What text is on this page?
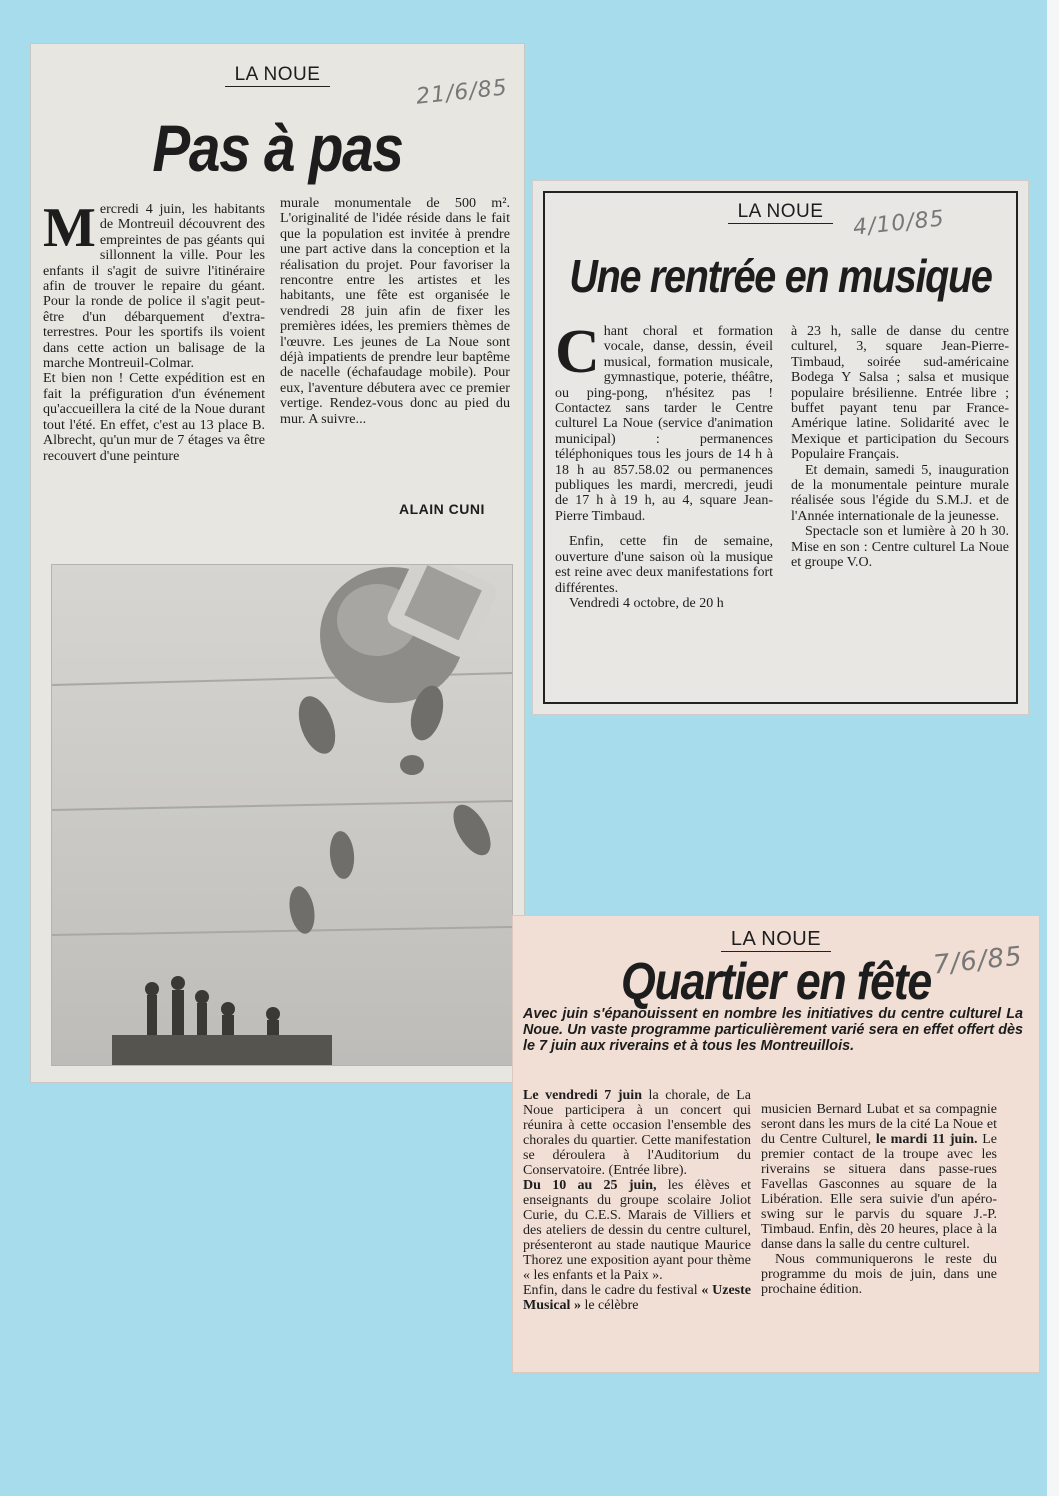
LA NOUE
21/6/85
Pas à pas

Mercredi 4 juin, les habitants de Montreuil découvrent des empreintes de pas géants qui sillonnent la ville. Pour les enfants il s'agit de suivre l'itinéraire afin de trouver le repaire du géant. Pour la ronde de police il s'agit peut-être d'un débarquement d'extra-terrestres. Pour les sportifs ils voient dans cette action un balisage de la marche Montreuil-Colmar.

Et bien non ! Cette expédition est en fait la préfiguration d'un événement qu'accueillera la cité de la Noue durant tout l'été. En effet, c'est au 13 place B. Albrecht, qu'un mur de 7 étages va être recouvert d'une peinture

murale monumentale de 500 m². L'originalité de l'idée réside dans le fait que la population est invitée à prendre une part active dans la conception et la réalisation du projet. Pour favoriser la rencontre entre les artistes et les habitants, une fête est organisée le vendredi 28 juin afin de fixer les premières idées, les premiers thèmes de l'œuvre. Les jeunes de La Noue sont déjà impatients de prendre leur baptême de nacelle (échafaudage mobile). Pour eux, l'aventure débutera avec ce premier vertige. Rendez-vous donc au pied du mur. A suivre...

ALAIN CUNI
LA NOUE	4/10/85
Une rentrée en musique

Chant choral et formation vocale, danse, dessin, éveil musical, formation musicale, gymnastique, poterie, théâtre, ou ping-pong, n'hésitez pas ! Contactez sans tarder le Centre culturel La Noue (service d'animation municipal) : permanences téléphoniques tous les jours de 14 h à 18 h au 857.58.02 ou permanences publiques les mardi, mercredi, jeudi de 17 h à 19 h, au 4, square Jean-Pierre Timbaud.

Enfin, cette fin de semaine, ouverture d'une saison où la musique est reine avec deux manifestations fort différentes.

Vendredi 4 octobre, de 20 h

à 23 h, salle de danse du centre culturel, 3, square Jean-Pierre-Timbaud, soirée sud-américaine Bodega Y Salsa ; salsa et musique populaire brésilienne. Entrée libre ; buffet payant tenu par France-Amérique latine. Solidarité avec le Mexique et participation du Secours Populaire Français.

Et demain, samedi 5, inauguration de la monumentale peinture murale réalisée sous l'égide du S.M.J. et de l'Année internationale de la jeunesse.

Spectacle son et lumière à 20 h 30. Mise en son : Centre culturel La Noue et groupe V.O.

LA NOUE
7/6/85
Quartier en fête
Avec juin s'épanouissent en nombre les initiatives du centre culturel La Noue. Un vaste programme particulièrement varié sera en effet offert dès le 7 juin aux riverains et à tous les Montreuillois.

Le vendredi 7 juin la chorale, de La Noue participera à un concert qui réunira à cette occasion l'ensemble des chorales du quartier. Cette manifestation se déroulera à l'Auditorium du Conservatoire. (Entrée libre).

Du 10 au 25 juin, les élèves et enseignants du groupe scolaire Joliot Curie, du C.E.S. Marais de Villiers et des ateliers de dessin du centre culturel, présenteront au stade nautique Maurice Thorez une exposition ayant pour thème « les enfants et la Paix ».

Enfin, dans le cadre du festival « Uzeste Musical » le célèbre

musicien Bernard Lubat et sa compagnie seront dans les murs de la cité La Noue et du Centre Culturel, le mardi 11 juin. Le premier contact de la troupe avec les riverains se situera dans passe-rues Favellas Gasconnes au square de la Libération. Elle sera suivie d'un apéro-swing sur le parvis du square J.-P. Timbaud. Enfin, dès 20 heures, place à la danse dans la salle du centre culturel.

Nous communiquerons le reste du programme du mois de juin, dans une prochaine édition.
